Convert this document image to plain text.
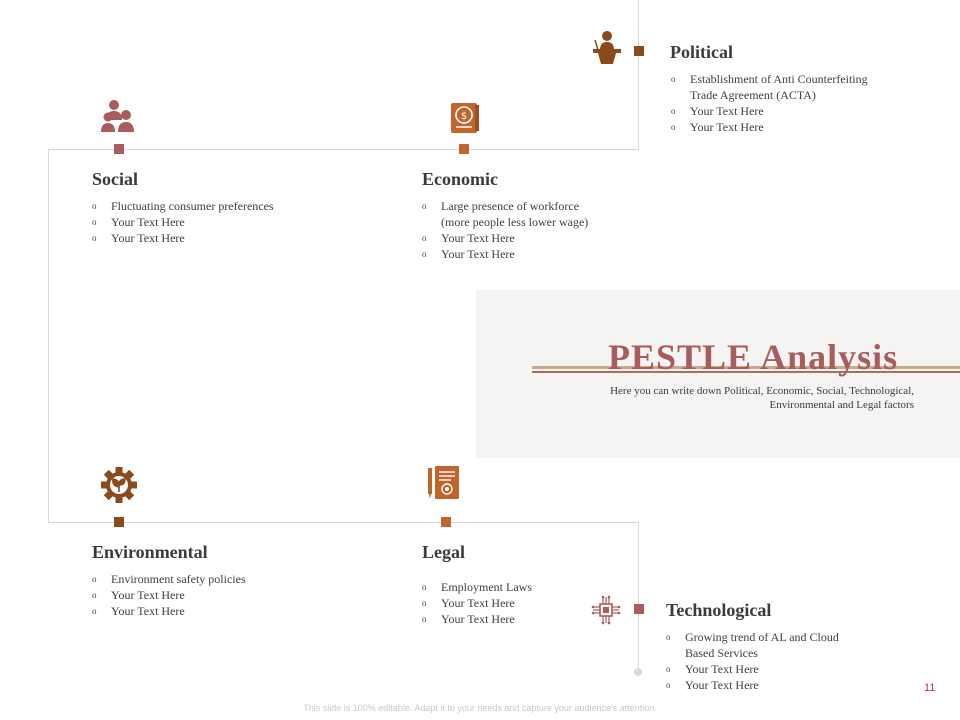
$
Political
o Establishment of Anti Counterfeiting
Trade Agreement (ACTA)
o Your Text Here
o Your Text Here
Social
o Fluctuating consumer preferences
o Your Text Here
o Your Text Here
Economic
o Large presence of workforce
(more people less lower wage)
o Your Text Here
o Your Text Here
PESTLE Analysis
Here you can write down Political, Economic, Social, Technological,
Environmental and Legal factors
Environmental
o Environment safety policies
o Your Text Here
o Your Text Here
Legal
o Employment Laws
o Your Text Here
o Your Text Here	Technological
o Growing trend of AL and Cloud
Based Services
o Your Text Here
o Your Text Here	11
This slide is 100% editable. Adapt it to your needs and capture your audience's attention.
